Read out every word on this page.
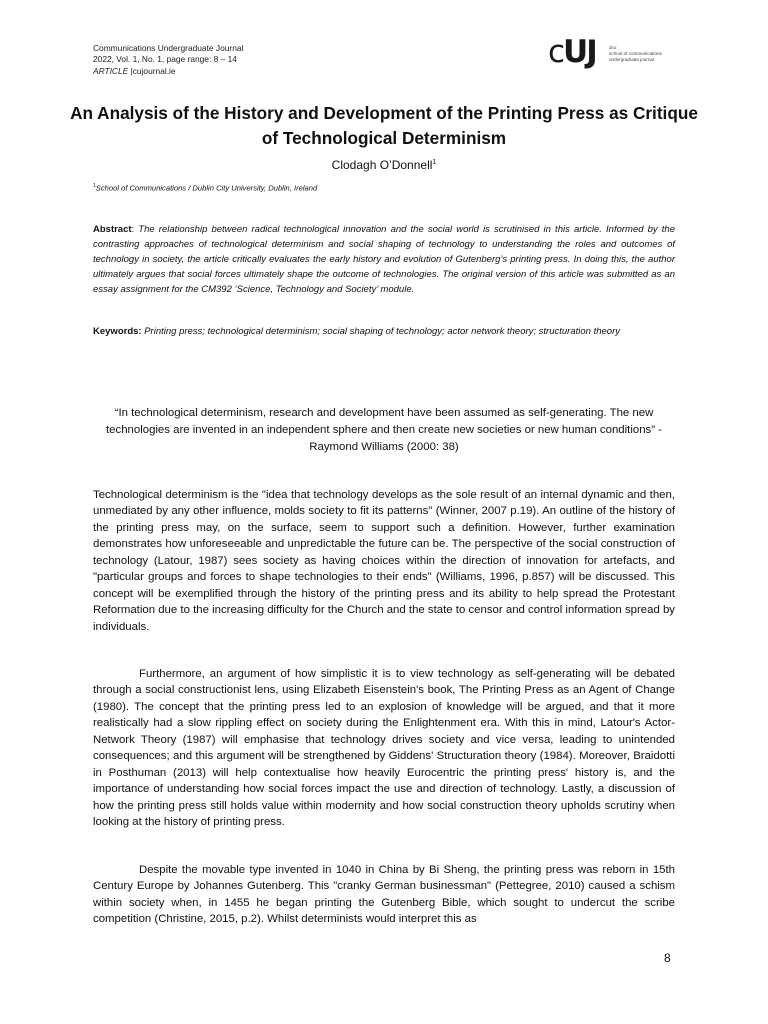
Communications Undergraduate Journal
2022, Vol. 1, No. 1, page range: 8 – 14
ARTICLE |cujournal.ie
cUJ	dcu
school of communications
undergraduate journal
An Analysis of the History and Development of the Printing Press as Critique of Technological Determinism
Clodagh O’Donnell$^1$
$^1$School of Communications / Dublin City University, Dublin, Ireland
Abstract: The relationship between radical technological innovation and the social world is scrutinised in this article. Informed by the contrasting approaches of technological determinism and social shaping of technology to understanding the roles and outcomes of technology in society, the article critically evaluates the early history and evolution of Gutenberg’s printing press. In doing this, the author ultimately argues that social forces ultimately shape the outcome of technologies. The original version of this article was submitted as an essay assignment for the CM392 ‘Science, Technology and Society’ module.
Keywords: Printing press; technological determinism; social shaping of technology; actor network theory; structuration theory
“In technological determinism, research and development have been assumed as self-generating. The new technologies are invented in an independent sphere and then create new societies or new human conditions” - Raymond Williams (2000: 38)

Technological determinism is the "idea that technology develops as the sole result of an internal dynamic and then, unmediated by any other influence, molds society to fit its patterns" (Winner, 2007 p.19). An outline of the history of the printing press may, on the surface, seem to support such a definition. However, further examination demonstrates how unforeseeable and unpredictable the future can be. The perspective of the social construction of technology (Latour, 1987) sees society as having choices within the direction of innovation for artefacts, and "particular groups and forces to shape technologies to their ends" (Williams, 1996, p.857) will be discussed. This concept will be exemplified through the history of the printing press and its ability to help spread the Protestant Reformation due to the increasing difficulty for the Church and the state to censor and control information spread by individuals.

Furthermore, an argument of how simplistic it is to view technology as self-generating will be debated through a social constructionist lens, using Elizabeth Eisenstein's book, The Printing Press as an Agent of Change (1980). The concept that the printing press led to an explosion of knowledge will be argued, and that it more realistically had a slow rippling effect on society during the Enlightenment era. With this in mind, Latour's Actor-Network Theory (1987) will emphasise that technology drives society and vice versa, leading to unintended consequences; and this argument will be strengthened by Giddens' Structuration theory (1984). Moreover, Braidotti in Posthuman (2013) will help contextualise how heavily Eurocentric the printing press' history is, and the importance of understanding how social forces impact the use and direction of technology. Lastly, a discussion of how the printing press still holds value within modernity and how social construction theory upholds scrutiny when looking at the history of printing press.

Despite the movable type invented in 1040 in China by Bi Sheng, the printing press was reborn in 15th Century Europe by Johannes Gutenberg. This "cranky German businessman" (Pettegree, 2010) caused a schism within society when, in 1455 he began printing the Gutenberg Bible, which sought to undercut the scribe competition (Christine, 2015, p.2). Whilst determinists would interpret this as

8
